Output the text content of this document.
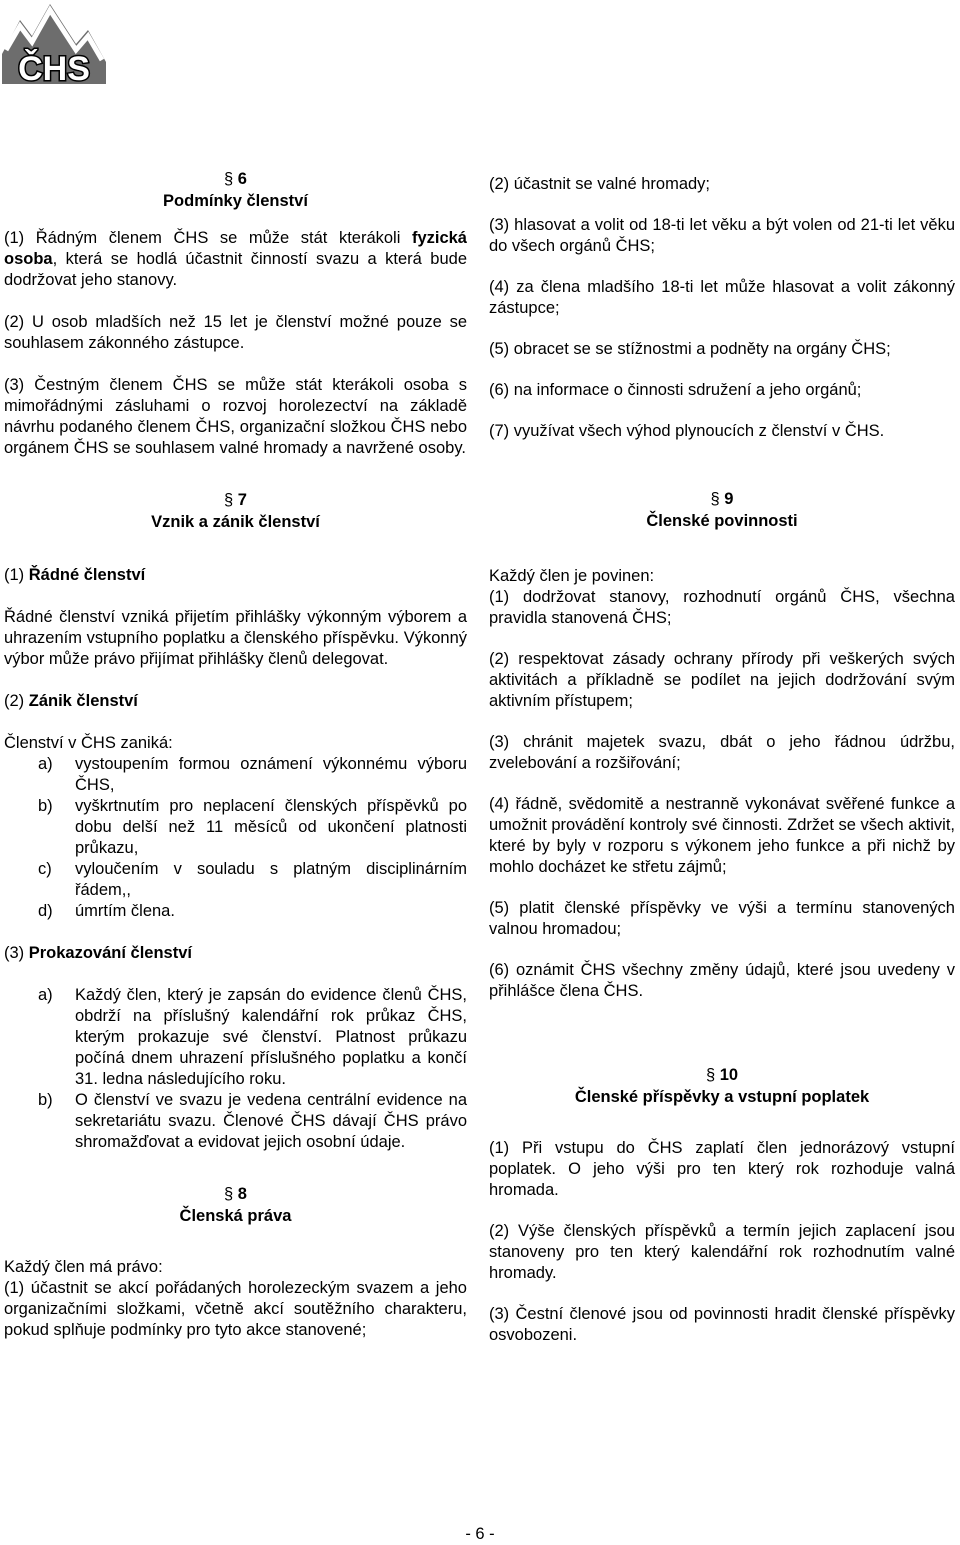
ČHS
§ 6
Podmínky členství

(1) Řádným členem ČHS se může stát kterákoli fyzická osoba, která se hodlá účastnit činností svazu a která bude dodržovat jeho stanovy.

(2) U osob mladších než 15 let je členství možné pouze se souhlasem zákonného zástupce.

(3) Čestným členem ČHS se může stát kterákoli osoba s mimořádnými zásluhami o rozvoj horolezectví na základě návrhu podaného členem ČHS, organizační složkou ČHS nebo orgánem ČHS se souhlasem valné hromady a navržené osoby.

§ 7
Vznik a zánik členství

(1) Řádné členství

Řádné členství vzniká přijetím přihlášky výkonným výborem a uhrazením vstupního poplatku a členského příspěvku. Výkonný výbor může právo přijímat přihlášky členů delegovat.

(2) Zánik členství

Členství v ČHS zaniká:

a) vystoupením formou oznámení výkonnému výboru ČHS,
b) vyškrtnutím pro neplacení členských příspěvků po dobu delší než 11 měsíců od ukončení platnosti průkazu,
c) vyloučením v souladu s platným disciplinárním řádem,,
d) úmrtím člena.

(3) Prokazování členství

a) Každý člen, který je zapsán do evidence členů ČHS, obdrží na příslušný kalendářní rok průkaz ČHS, kterým prokazuje své členství. Platnost průkazu počíná dnem uhrazení příslušného poplatku a končí 31. ledna následujícího roku.
b) O členství ve svazu je vedena centrální evidence na sekretariátu svazu. Členové ČHS dávají ČHS právo shromažďovat a evidovat jejich osobní údaje.
§ 8
Členská práva

Každý člen má právo:

(1) účastnit se akcí pořádaných horolezeckým svazem a jeho organizačními složkami, včetně akcí soutěžního charakteru, pokud splňuje podmínky pro tyto akce stanovené;

(2) účastnit se valné hromady;

(3) hlasovat a volit od 18-ti let věku a být volen od 21-ti let věku do všech orgánů ČHS;

(4) za člena mladšího 18-ti let může hlasovat a volit zákonný zástupce;

(5) obracet se se stížnostmi a podněty na orgány ČHS;

(6) na informace o činnosti sdružení a jeho orgánů;

(7) využívat všech výhod plynoucích z členství v ČHS.

§ 9
Členské povinnosti

Každý člen je povinen:

(1) dodržovat stanovy, rozhodnutí orgánů ČHS, všechna pravidla stanovená ČHS;

(2) respektovat zásady ochrany přírody při veškerých svých aktivitách a příkladně se podílet na jejich dodržování svým aktivním přístupem;

(3) chránit majetek svazu, dbát o jeho řádnou údržbu, zvelebování a rozšiřování;

(4) řádně, svědomitě a nestranně vykonávat svěřené funkce a umožnit provádění kontroly své činnosti. Zdržet se všech aktivit, které by byly v rozporu s výkonem jeho funkce a při nichž by mohlo docházet ke střetu zájmů;

(5) platit členské příspěvky ve výši a termínu stanovených valnou hromadou;

(6) oznámit ČHS všechny změny údajů, které jsou uvedeny v přihlášce člena ČHS.

§ 10
Členské příspěvky a vstupní poplatek

(1) Při vstupu do ČHS zaplatí člen jednorázový vstupní poplatek. O jeho výši pro ten který rok rozhoduje valná hromada.

(2) Výše členských příspěvků a termín jejich zaplacení jsou stanoveny pro ten který kalendářní rok rozhodnutím valné hromady.

(3) Čestní členové jsou od povinnosti hradit členské příspěvky osvobozeni.

- 6 -
